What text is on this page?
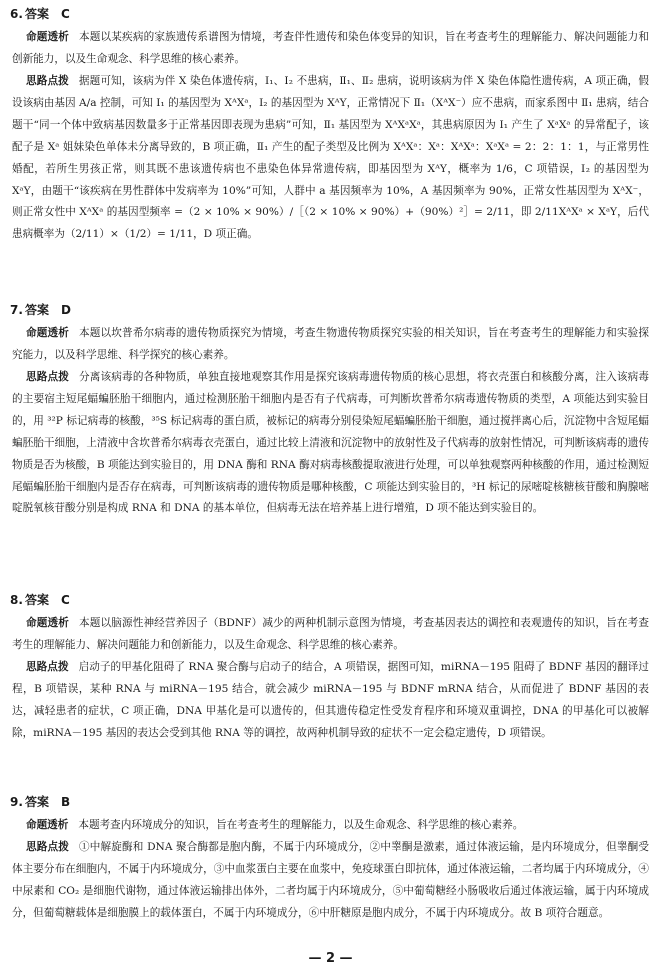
6. 答案 C
命题透析 本题以某疾病的家族遗传系谱图为情境，考查伴性遗传和染色体变异的知识，旨在考查考生的理解能力、解决问题能力和创新能力，以及生命观念、科学思维的核心素养。
思路点拨 据题可知，该病为伴 X 染色体遗传病，Ⅰ₁、Ⅰ₂ 不患病，Ⅱ₁、Ⅱ₂ 患病，说明该病为伴 X 染色体隐性遗传病，A 项正确，假设该病由基因 A/a 控制，可知 Ⅰ₁ 的基因型为 XᴬXᵃ，Ⅰ₂ 的基因型为 XᴬY，正常情况下 Ⅱ₁（XᴬX⁻）应不患病，而家系图中 Ⅱ₁ 患病，结合题干“同一个体中致病基因数量多于正常基因即表现为患病”可知，Ⅱ₁ 基因型为 XᴬXᵃXᵃ，其患病原因为 Ⅰ₁ 产生了 XᵃXᵃ 的异常配子，该配子是 Xᵃ 姐妹染色单体未分离导致的，B 项正确，Ⅱ₁ 产生的配子类型及比例为 XᴬXᵃ：Xᵃ：XᴬXᵃ：XᵃXᵃ = 2：2：1：1，与正常男性婚配，若所生男孩正常，则其既不患该遗传病也不患染色体异常遗传病，即基因型为 XᴬY，概率为 1/6，C 项错误，Ⅰ₂ 的基因型为 XᵃY，由题干“该疾病在男性群体中发病率为 10%”可知，人群中 a 基因频率为 10%，A 基因频率为 90%，正常女性基因型为 XᴬX⁻，则正常女性中 XᴬXᵃ 的基因型频率 =（2 × 10% × 90%）/［（2 × 10% × 90%）+（90%）²］= 2/11，即 2/11XᴬXᵃ × XᵃY，后代患病概率为（2/11）×（1/2）= 1/11，D 项正确。
7. 答案 D
命题透析 本题以坎普希尔病毒的遗传物质探究为情境，考查生物遗传物质探究实验的相关知识，旨在考查考生的理解能力和实验探究能力，以及科学思维、科学探究的核心素养。
思路点拨 分离该病毒的各种物质，单独直接地观察其作用是探究该病毒遗传物质的核心思想，将衣壳蛋白和核酸分离，注入该病毒的主要宿主短尾蝠蝙胚胎干细胞内，通过检测胚胎干细胞内是否有子代病毒，可判断坎普希尔病毒遗传物质的类型，A 项能达到实验目的，用 ³²P 标记病毒的核酸，³⁵S 标记病毒的蛋白质，被标记的病毒分别侵染短尾蝠蝙胚胎干细胞，通过搅拌离心后，沉淀物中含短尾蝠蝙胚胎干细胞，上清液中含坎普希尔病毒衣壳蛋白，通过比较上清液和沉淀物中的放射性及子代病毒的放射性情况，可判断该病毒的遗传物质是否为核酸，B 项能达到实验目的，用 DNA 酶和 RNA 酶对病毒核酸提取液进行处理，可以单独观察两种核酸的作用，通过检测短尾蝠蝙胚胎干细胞内是否存在病毒，可判断该病毒的遗传物质是哪种核酸，C 项能达到实验目的，³H 标记的尿嘧啶核糖核苷酸和胸腺嘧啶脱氧核苷酸分别是构成 RNA 和 DNA 的基本单位，但病毒无法在培养基上进行增殖，D 项不能达到实验目的。
8. 答案 C
命题透析 本题以脑源性神经营养因子（BDNF）减少的两种机制示意图为情境，考查基因表达的调控和表观遗传的知识，旨在考查考生的理解能力、解决问题能力和创新能力，以及生命观念、科学思维的核心素养。
思路点拨 启动子的甲基化阻碍了 RNA 聚合酶与启动子的结合，A 项错误，据图可知，miRNA－195 阻碍了 BDNF 基因的翻译过程，B 项错误，某种 RNA 与 miRNA－195 结合，就会减少 miRNA－195 与 BDNF mRNA 结合，从而促进了 BDNF 基因的表达，减轻患者的症状，C 项正确，DNA 甲基化是可以遗传的，但其遗传稳定性受发育程序和环境双重调控，DNA 的甲基化可以被解除，miRNA－195 基因的表达会受到其他 RNA 等的调控，故两种机制导致的症状不一定会稳定遗传，D 项错误。
9. 答案 B
命题透析 本题考查内环境成分的知识，旨在考查考生的理解能力，以及生命观念、科学思维的核心素养。
思路点拨 ①中解旋酶和 DNA 聚合酶都是胞内酶，不属于内环境成分，②中睾酮是激素，通过体液运输，是内环境成分，但睾酮受体主要分布在细胞内，不属于内环境成分，③中血浆蛋白主要在血浆中，免疫球蛋白即抗体，通过体液运输，二者均属于内环境成分，④中尿素和 CO₂ 是细胞代谢物，通过体液运输排出体外，二者均属于内环境成分，⑤中葡萄糖经小肠吸收后通过体液运输，属于内环境成分，但葡萄糖载体是细胞膜上的载体蛋白，不属于内环境成分，⑥中肝糖原是胞内成分，不属于内环境成分。故 B 项符合题意。
— 2 —
